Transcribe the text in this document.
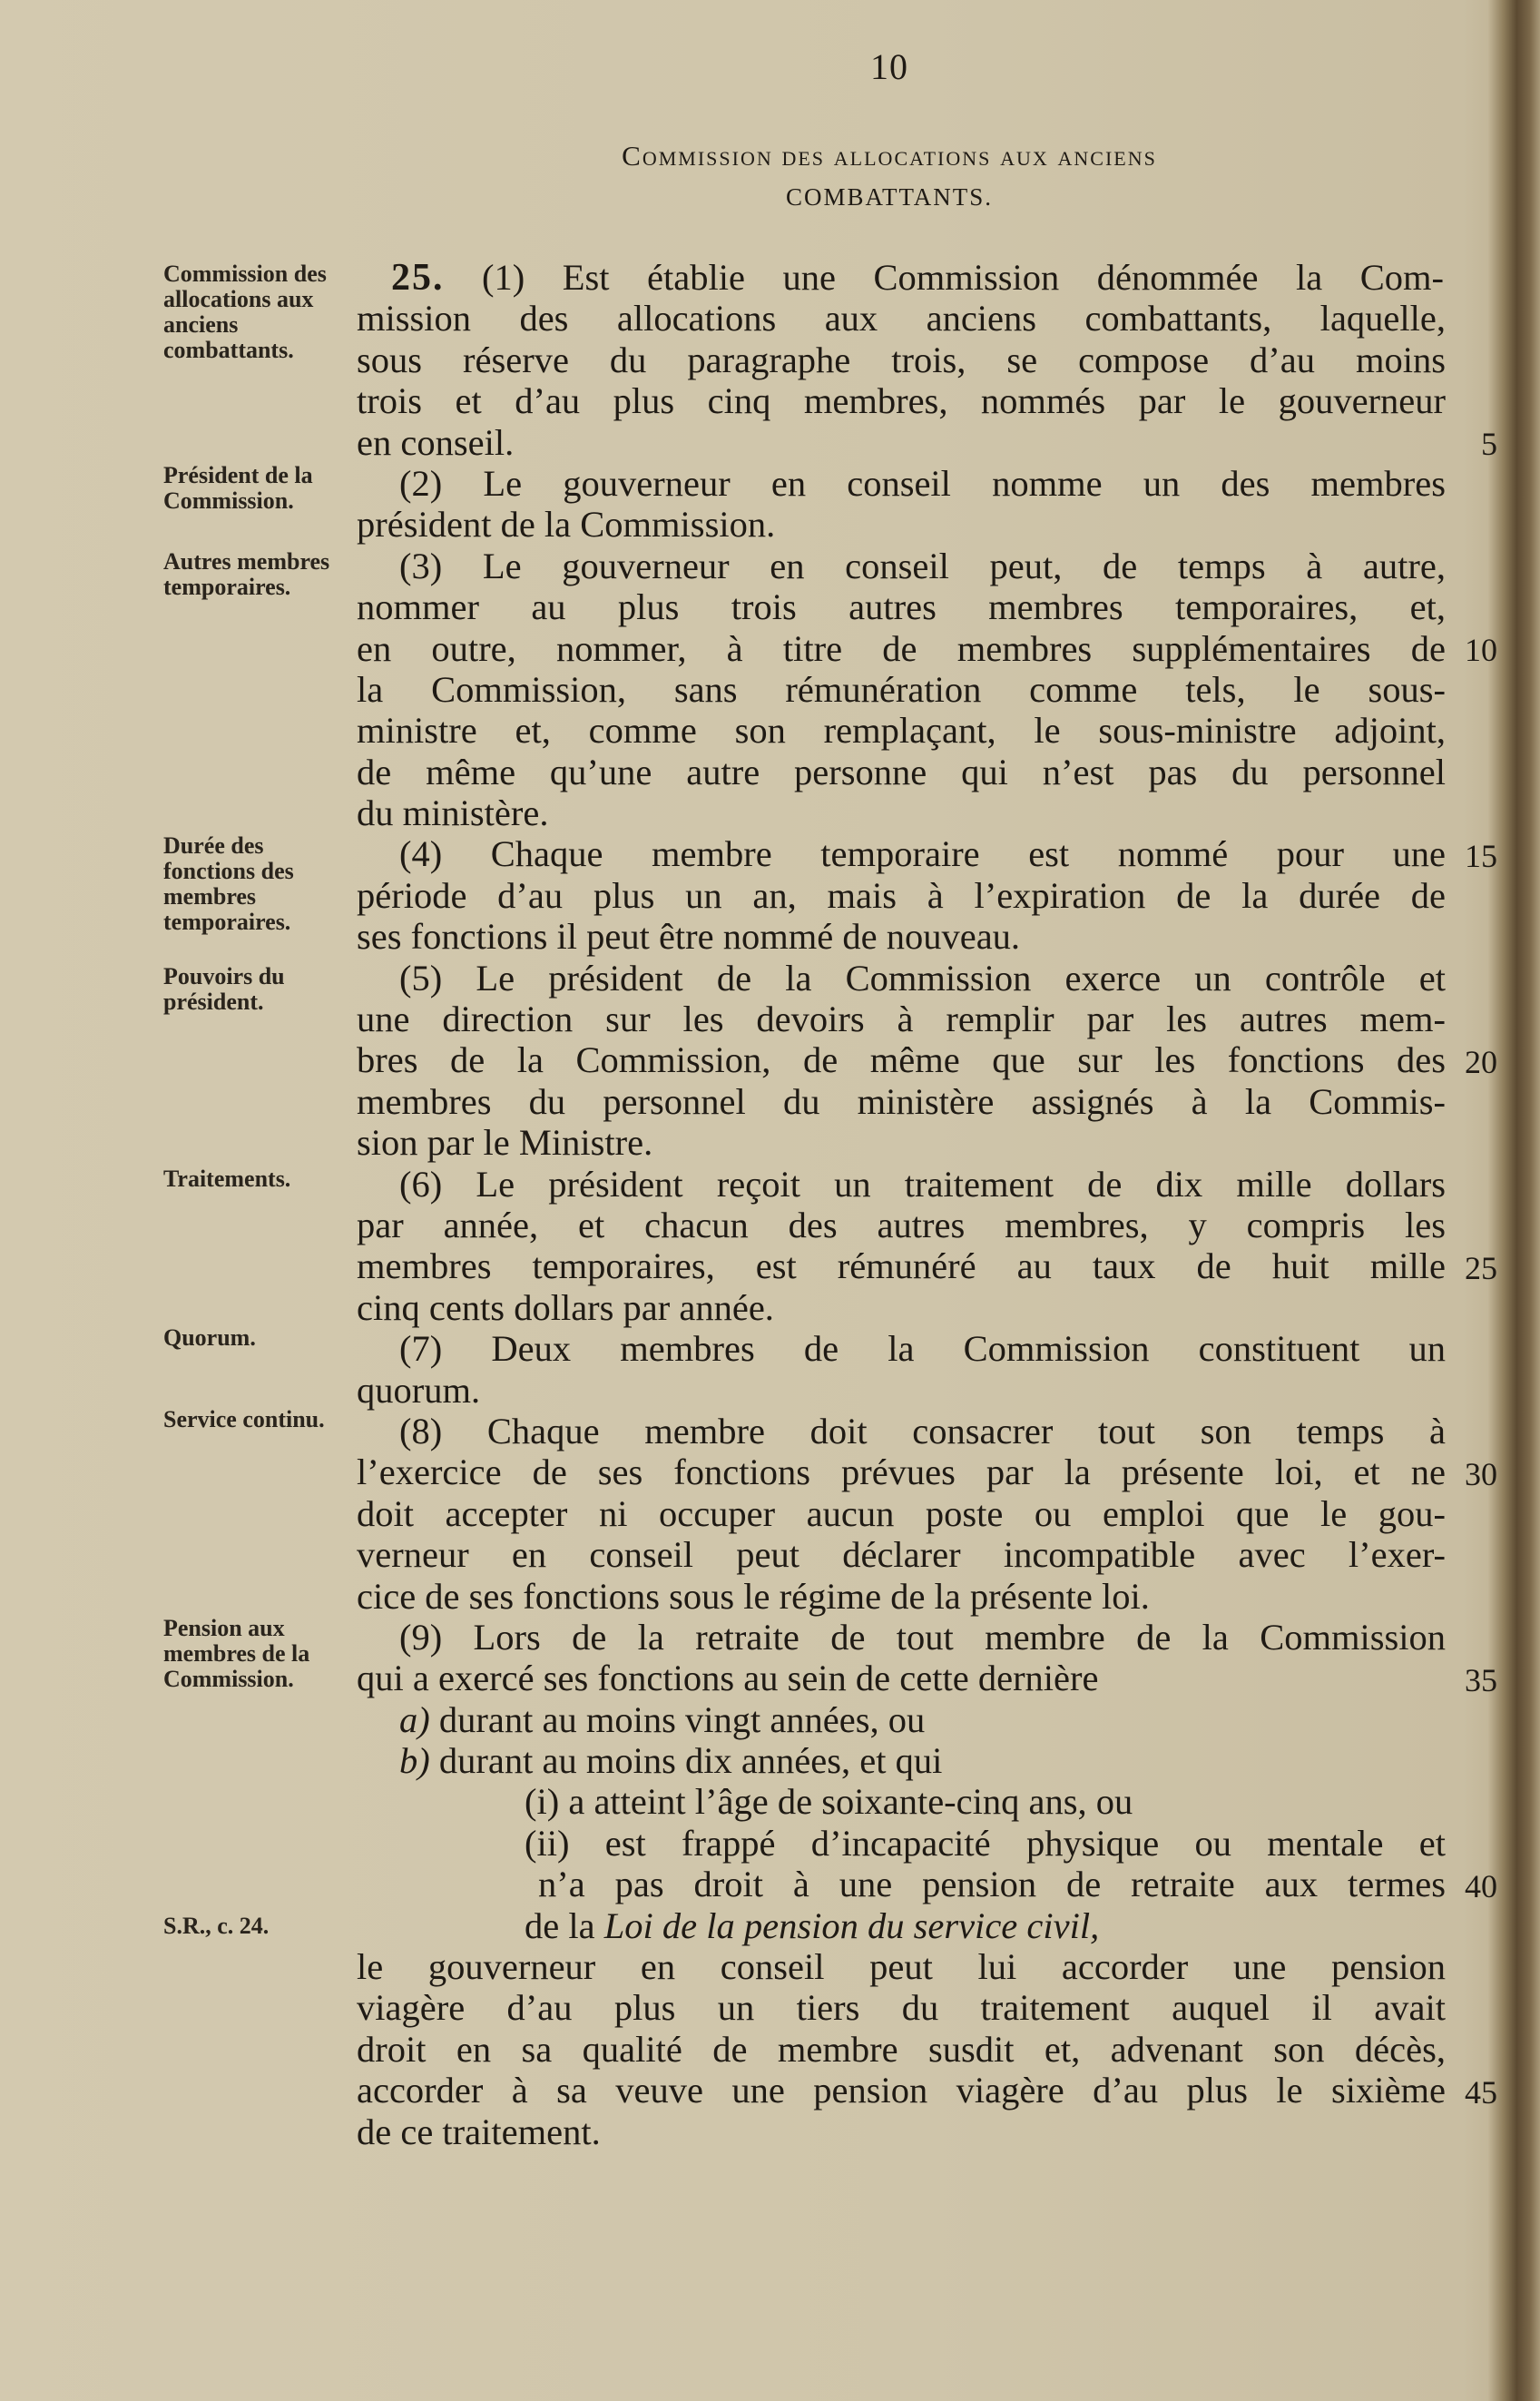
10
Commission des allocations aux anciens
COMBATTANTS.
Commission des allocations aux anciens combattants.
Président de la Commission.
Autres membres temporaires.
Durée des fonctions des membres temporaires.
Pouvoirs du président.
Traitements.
Quorum.
Service continu.
Pension aux membres de la Commission.
S.R., c. 24.
25. (1) Est établie une Commission dénommée la Com-
mission des allocations aux anciens combattants, laquelle,
sous réserve du paragraphe trois, se compose d’au moins
trois et d’au plus cinq membres, nommés par le gouverneur
en conseil.
(2) Le gouverneur en conseil nomme un des membres
président de la Commission.
(3) Le gouverneur en conseil peut, de temps à autre,
nommer au plus trois autres membres temporaires, et,
en outre, nommer, à titre de membres supplémentaires de
la Commission, sans rémunération comme tels, le sous-
ministre et, comme son remplaçant, le sous-ministre adjoint,
de même qu’une autre personne qui n’est pas du personnel
du ministère.
(4) Chaque membre temporaire est nommé pour une
période d’au plus un an, mais à l’expiration de la durée de
ses fonctions il peut être nommé de nouveau.
(5) Le président de la Commission exerce un contrôle et
une direction sur les devoirs à remplir par les autres mem-
bres de la Commission, de même que sur les fonctions des
membres du personnel du ministère assignés à la Commis-
sion par le Ministre.
(6) Le président reçoit un traitement de dix mille dollars
par année, et chacun des autres membres, y compris les
membres temporaires, est rémunéré au taux de huit mille
cinq cents dollars par année.
(7) Deux membres de la Commission constituent un
quorum.
(8) Chaque membre doit consacrer tout son temps à
l’exercice de ses fonctions prévues par la présente loi, et ne
doit accepter ni occuper aucun poste ou emploi que le gou-
verneur en conseil peut déclarer incompatible avec l’exer-
cice de ses fonctions sous le régime de la présente loi.
(9) Lors de la retraite de tout membre de la Commission
qui a exercé ses fonctions au sein de cette dernière
a) durant au moins vingt années, ou
b) durant au moins dix années, et qui
(i) a atteint l’âge de soixante-cinq ans, ou
(ii) est frappé d’incapacité physique ou mentale et
n’a pas droit à une pension de retraite aux termes
de la Loi de la pension du service civil,
le gouverneur en conseil peut lui accorder une pension
viagère d’au plus un tiers du traitement auquel il avait
droit en sa qualité de membre susdit et, advenant son décès,
accorder à sa veuve une pension viagère d’au plus le sixième
de ce traitement.
5
10
15
20
25
30
35
40
45
